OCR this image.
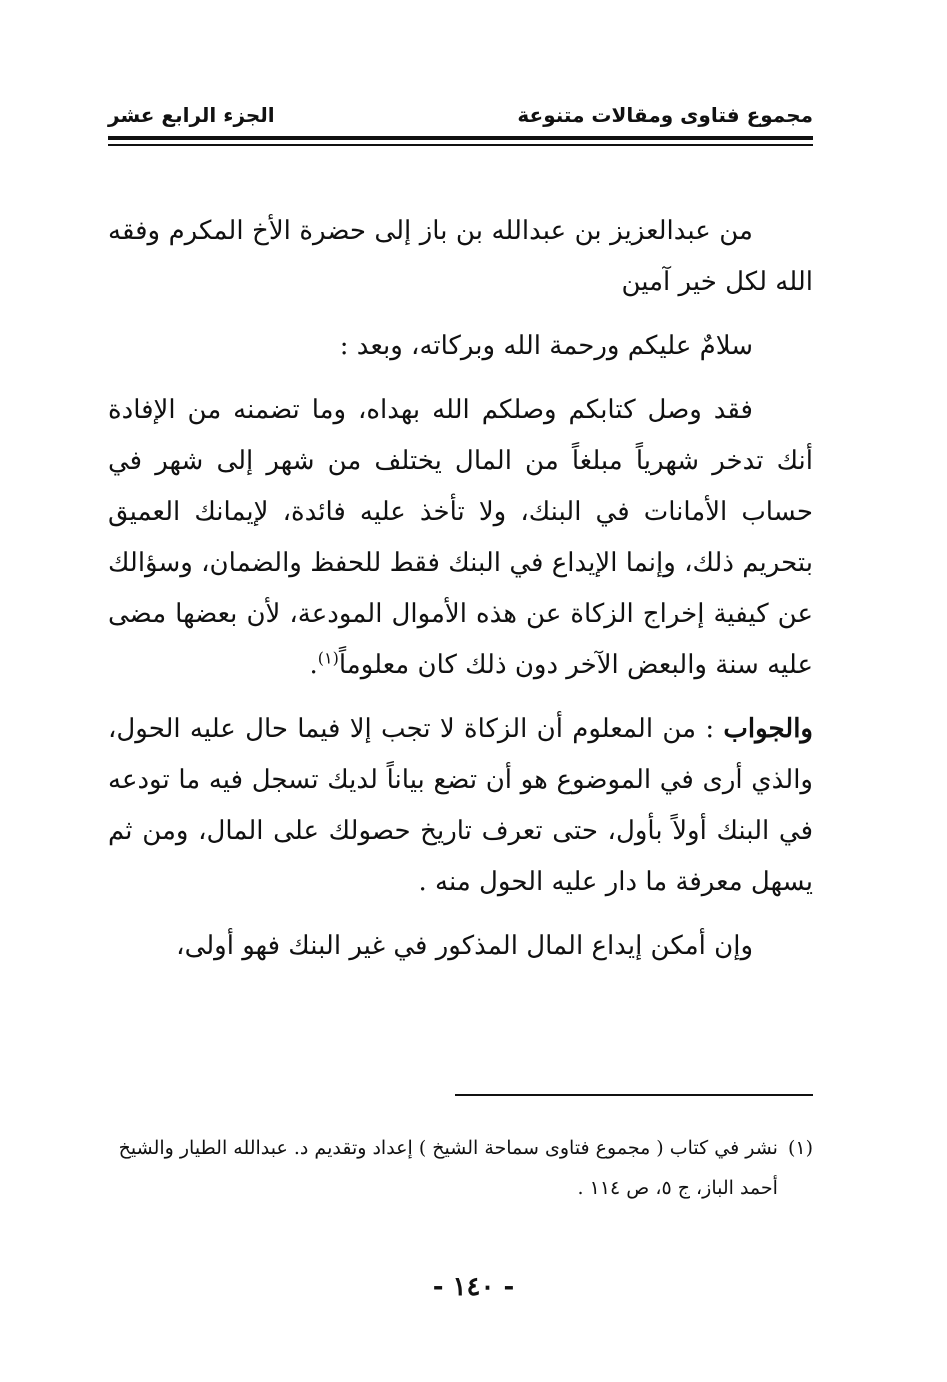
مجموع فتاوى ومقالات متنوعة
الجزء الرابع عشر

من عبدالعزيز بن عبدالله بن باز إلى حضرة الأخ المكرم وفقه الله لكل خير آمين

سلامٌ عليكم ورحمة الله وبركاته، وبعد :

فقد وصل كتابكم وصلكم الله بهداه، وما تضمنه من الإفادة أنك تدخر شهرياً مبلغاً من المال يختلف من شهر إلى شهر في حساب الأمانات في البنك، ولا تأخذ عليه فائدة، لإيمانك العميق بتحريم ذلك، وإنما الإيداع في البنك فقط للحفظ والضمان، وسؤالك عن كيفية إخراج الزكاة عن هذه الأموال المودعة، لأن بعضها مضى عليه سنة والبعض الآخر دون ذلك كان معلوماً$^{(١)}$.

والجواب : من المعلوم أن الزكاة لا تجب إلا فيما حال عليه الحول، والذي أرى في الموضوع هو أن تضع بياناً لديك تسجل فيه ما تودعه في البنك أولاً بأول، حتى تعرف تاريخ حصولك على المال، ومن ثم يسهل معرفة ما دار عليه الحول منه .

وإن أمكن إيداع المال المذكور في غير البنك فهو أولى،

(١)
نشر في كتاب ( مجموع فتاوى سماحة الشيخ ) إعداد وتقديم د. عبدالله الطيار والشيخ أحمد الباز، ج ٥، ص ١١٤ .
- ١٤٠ -
